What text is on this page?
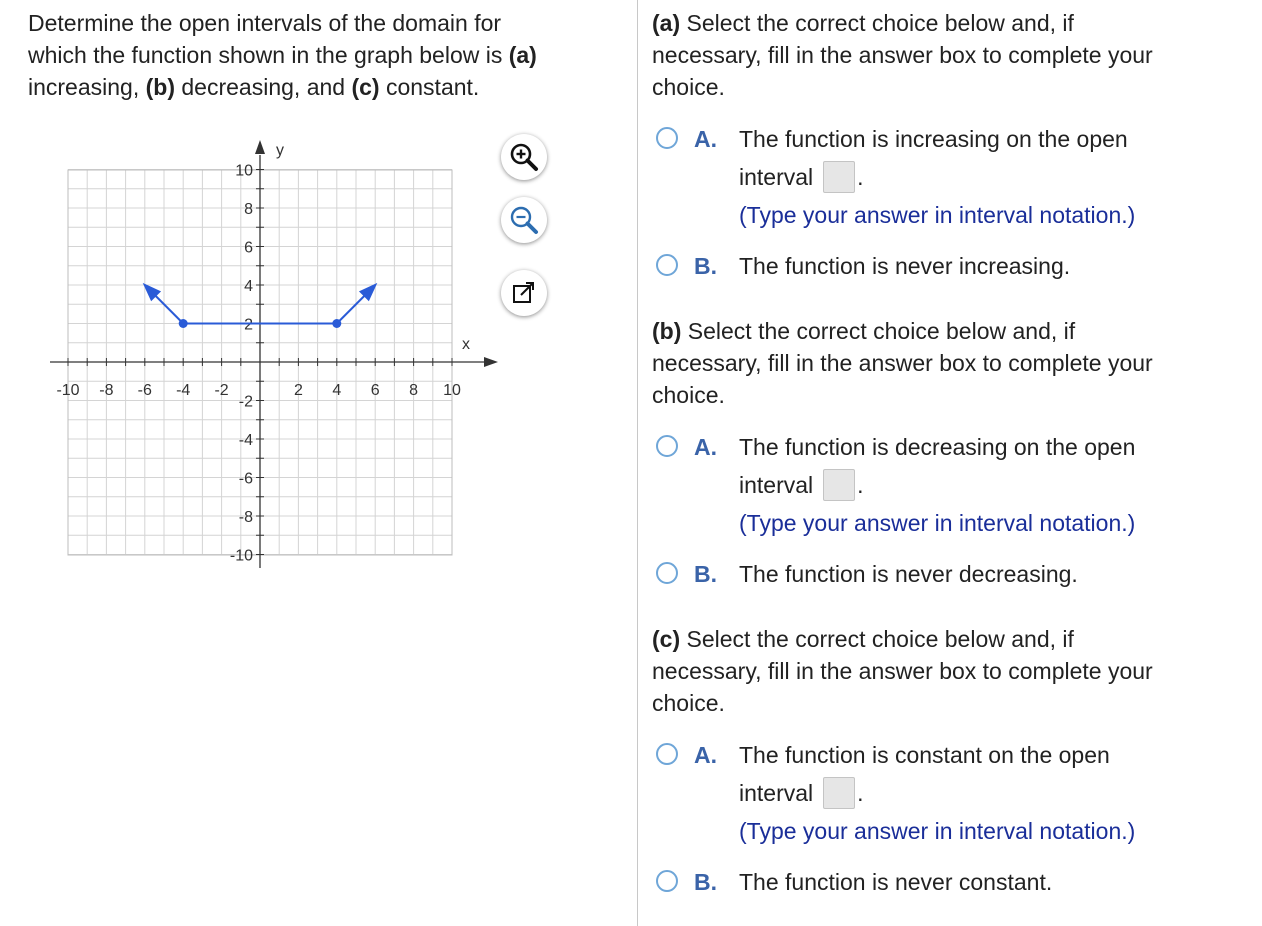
Determine the open intervals of the domain for
which the function shown in the graph below is (a)
increasing, (b) decreasing, and (c) constant.
x
y
-10 -8 -6 -4 -2	2 4 6 8 10
10
8
6
4
2
-2
-4
-6
-8
-10
(a) Select the correct choice below and, if
necessary, fill in the answer box to complete your
choice.
A. The function is increasing on the open
interval .
(Type your answer in interval notation.)
B. The function is never increasing.
(b) Select the correct choice below and, if
necessary, fill in the answer box to complete your
choice.
A. The function is decreasing on the open
interval .
(Type your answer in interval notation.)
B. The function is never decreasing.
(c) Select the correct choice below and, if
necessary, fill in the answer box to complete your
choice.
A. The function is constant on the open
interval .
(Type your answer in interval notation.)
B. The function is never constant.
